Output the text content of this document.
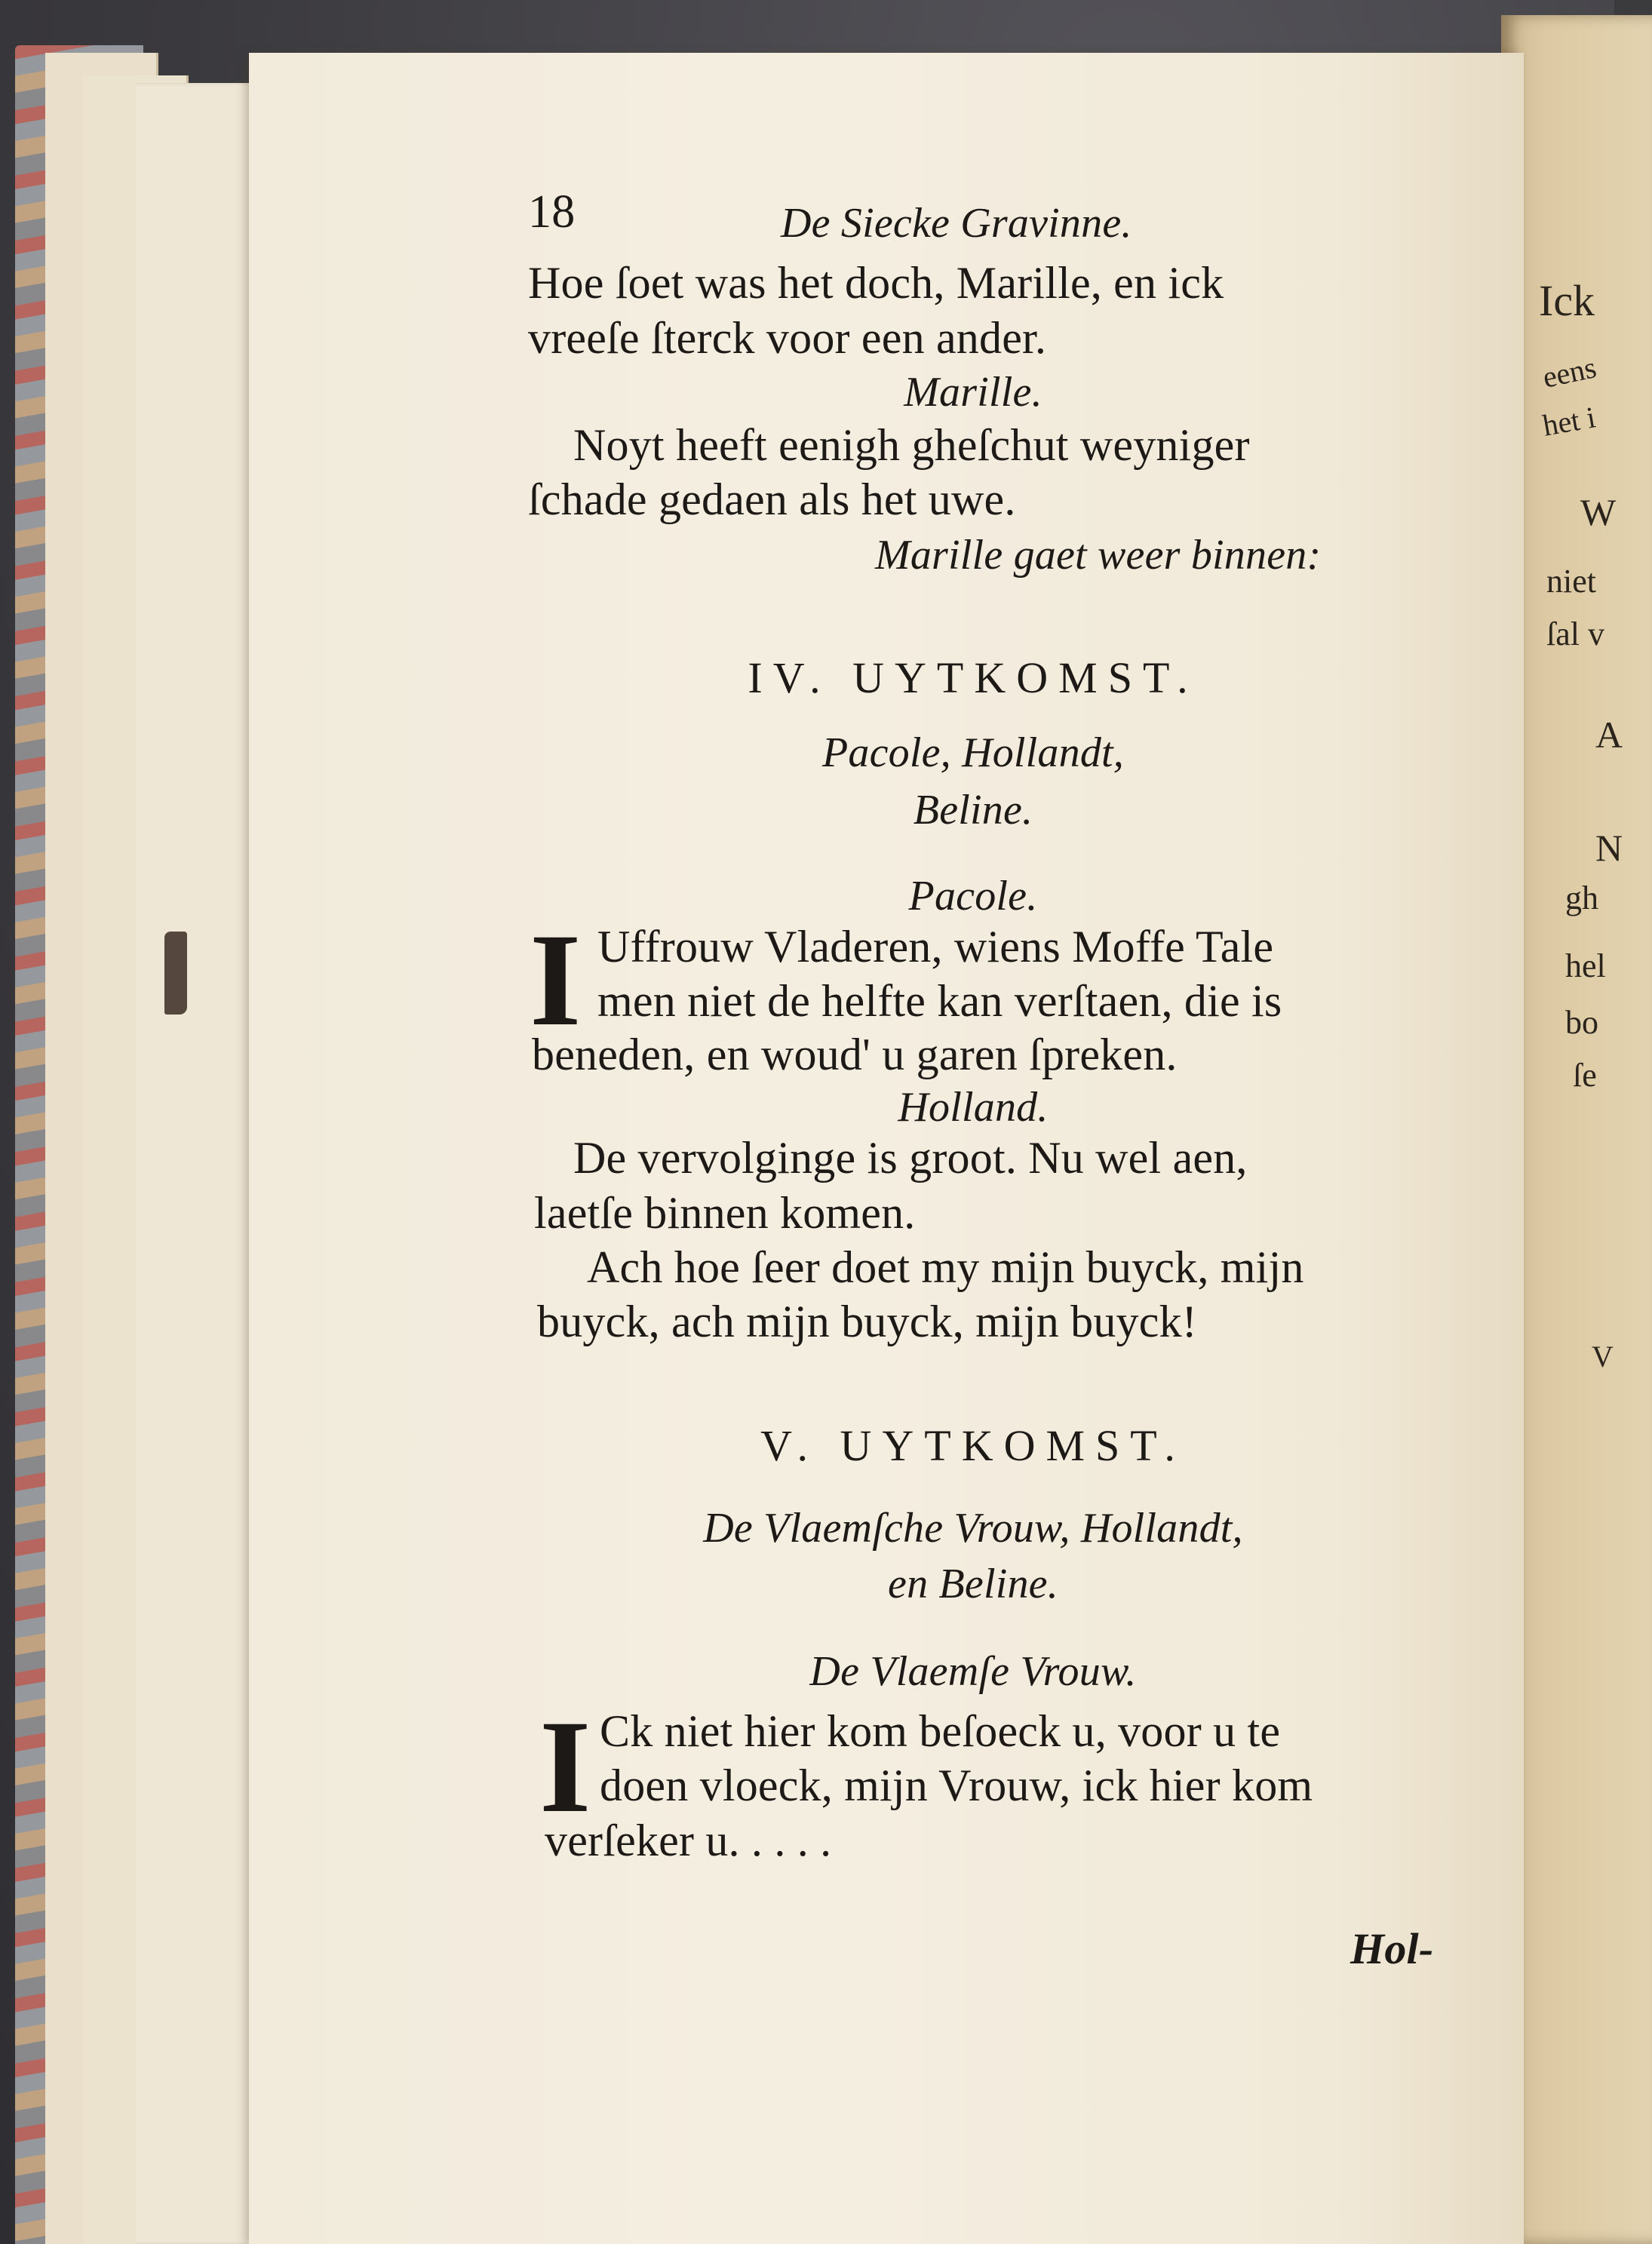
Ick
eens
het i
W
niet
ſal v
A
N
gh
hel
bo
ſe
V
18	De Siecke Gravinne.
Hoe ſoet was het doch, Marille, en ick
vreeſe ſterck voor een ander.
Marille.
Noyt heeft eenigh gheſchut weyniger
ſchade gedaen als het uwe.
Marille gaet weer binnen:
IV. UYTKOMST.
Pacole, Hollandt,
Beline.
Pacole.
I Uffrouw Vladeren, wiens Moffe Tale
men niet de helfte kan verſtaen, die is
beneden, en woud' u garen ſpreken.
Holland.
De vervolginge is groot. Nu wel aen,
laetſe binnen komen.
Ach hoe ſeer doet my mijn buyck, mijn
buyck, ach mijn buyck, mijn buyck!
V. UYTKOMST.
De Vlaemſche Vrouw, Hollandt,
en Beline.
De Vlaemſe Vrouw.
I Ck niet hier kom beſoeck u, voor u te
doen vloeck, mijn Vrouw, ick hier kom
verſeker u. . . . .
Hol-
